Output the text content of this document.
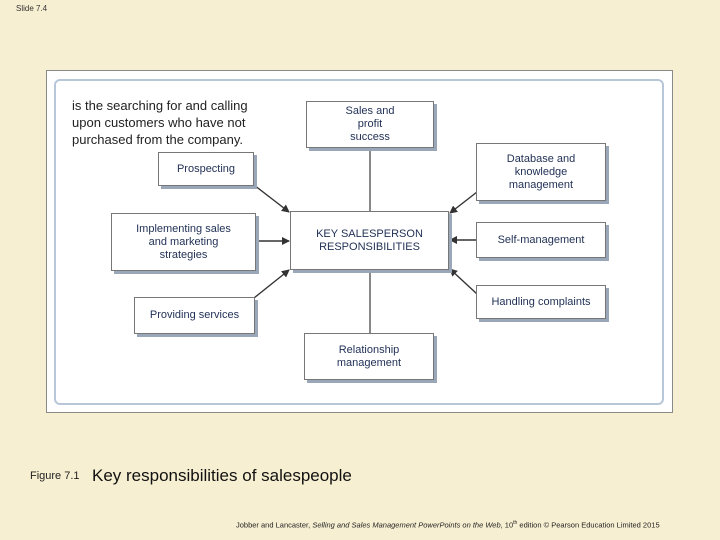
Slide 7.4
Sales and profit success
Prospecting
Database and knowledge management
Implementing sales and marketing strategies
KEY SALESPERSON RESPONSIBILITIES
Self-management
Providing services
Handling complaints
Relationship management
is the searching for and calling upon customers who have not purchased from the company.
Figure 7.1 Key responsibilities of salespeople
Jobber and Lancaster, Selling and Sales Management PowerPoints on the Web, 10th edition © Pearson Education Limited 2015
